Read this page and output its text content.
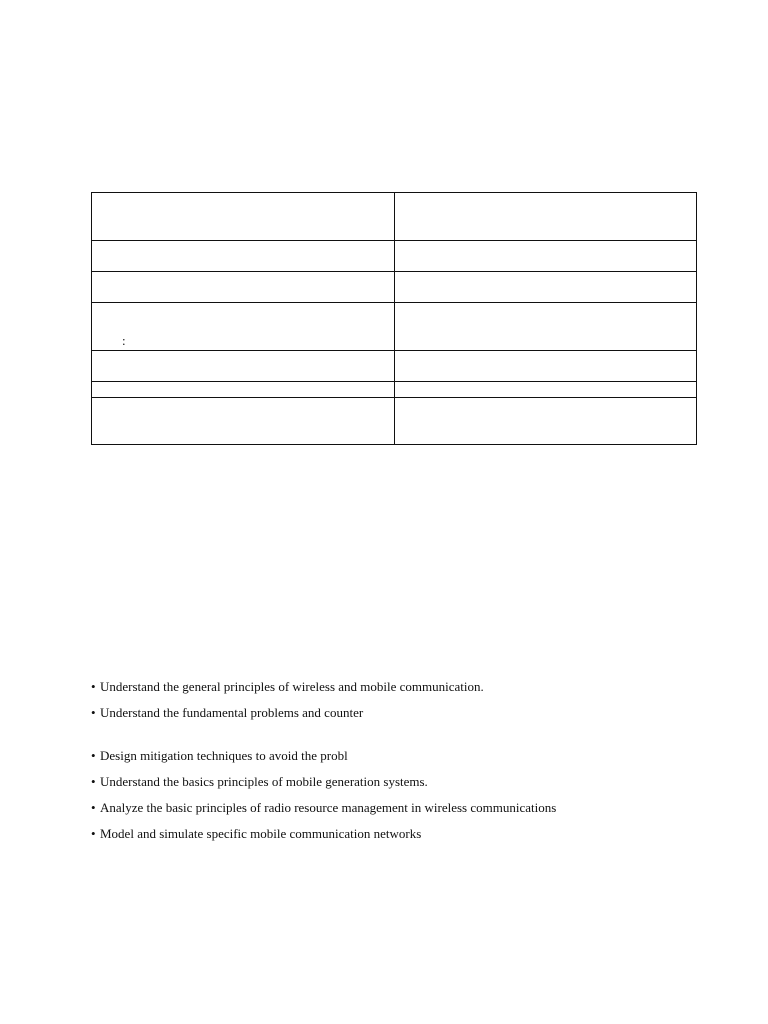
:	

• Understand the general principles of wireless and mobile communication.
• Understand the fundamental problems and counter
• Design mitigation techniques to avoid the probl
• Understand the basics principles of mobile generation systems.
• Analyze the basic principles of radio resource management in wireless communications
• Model and simulate specific mobile communication networks
